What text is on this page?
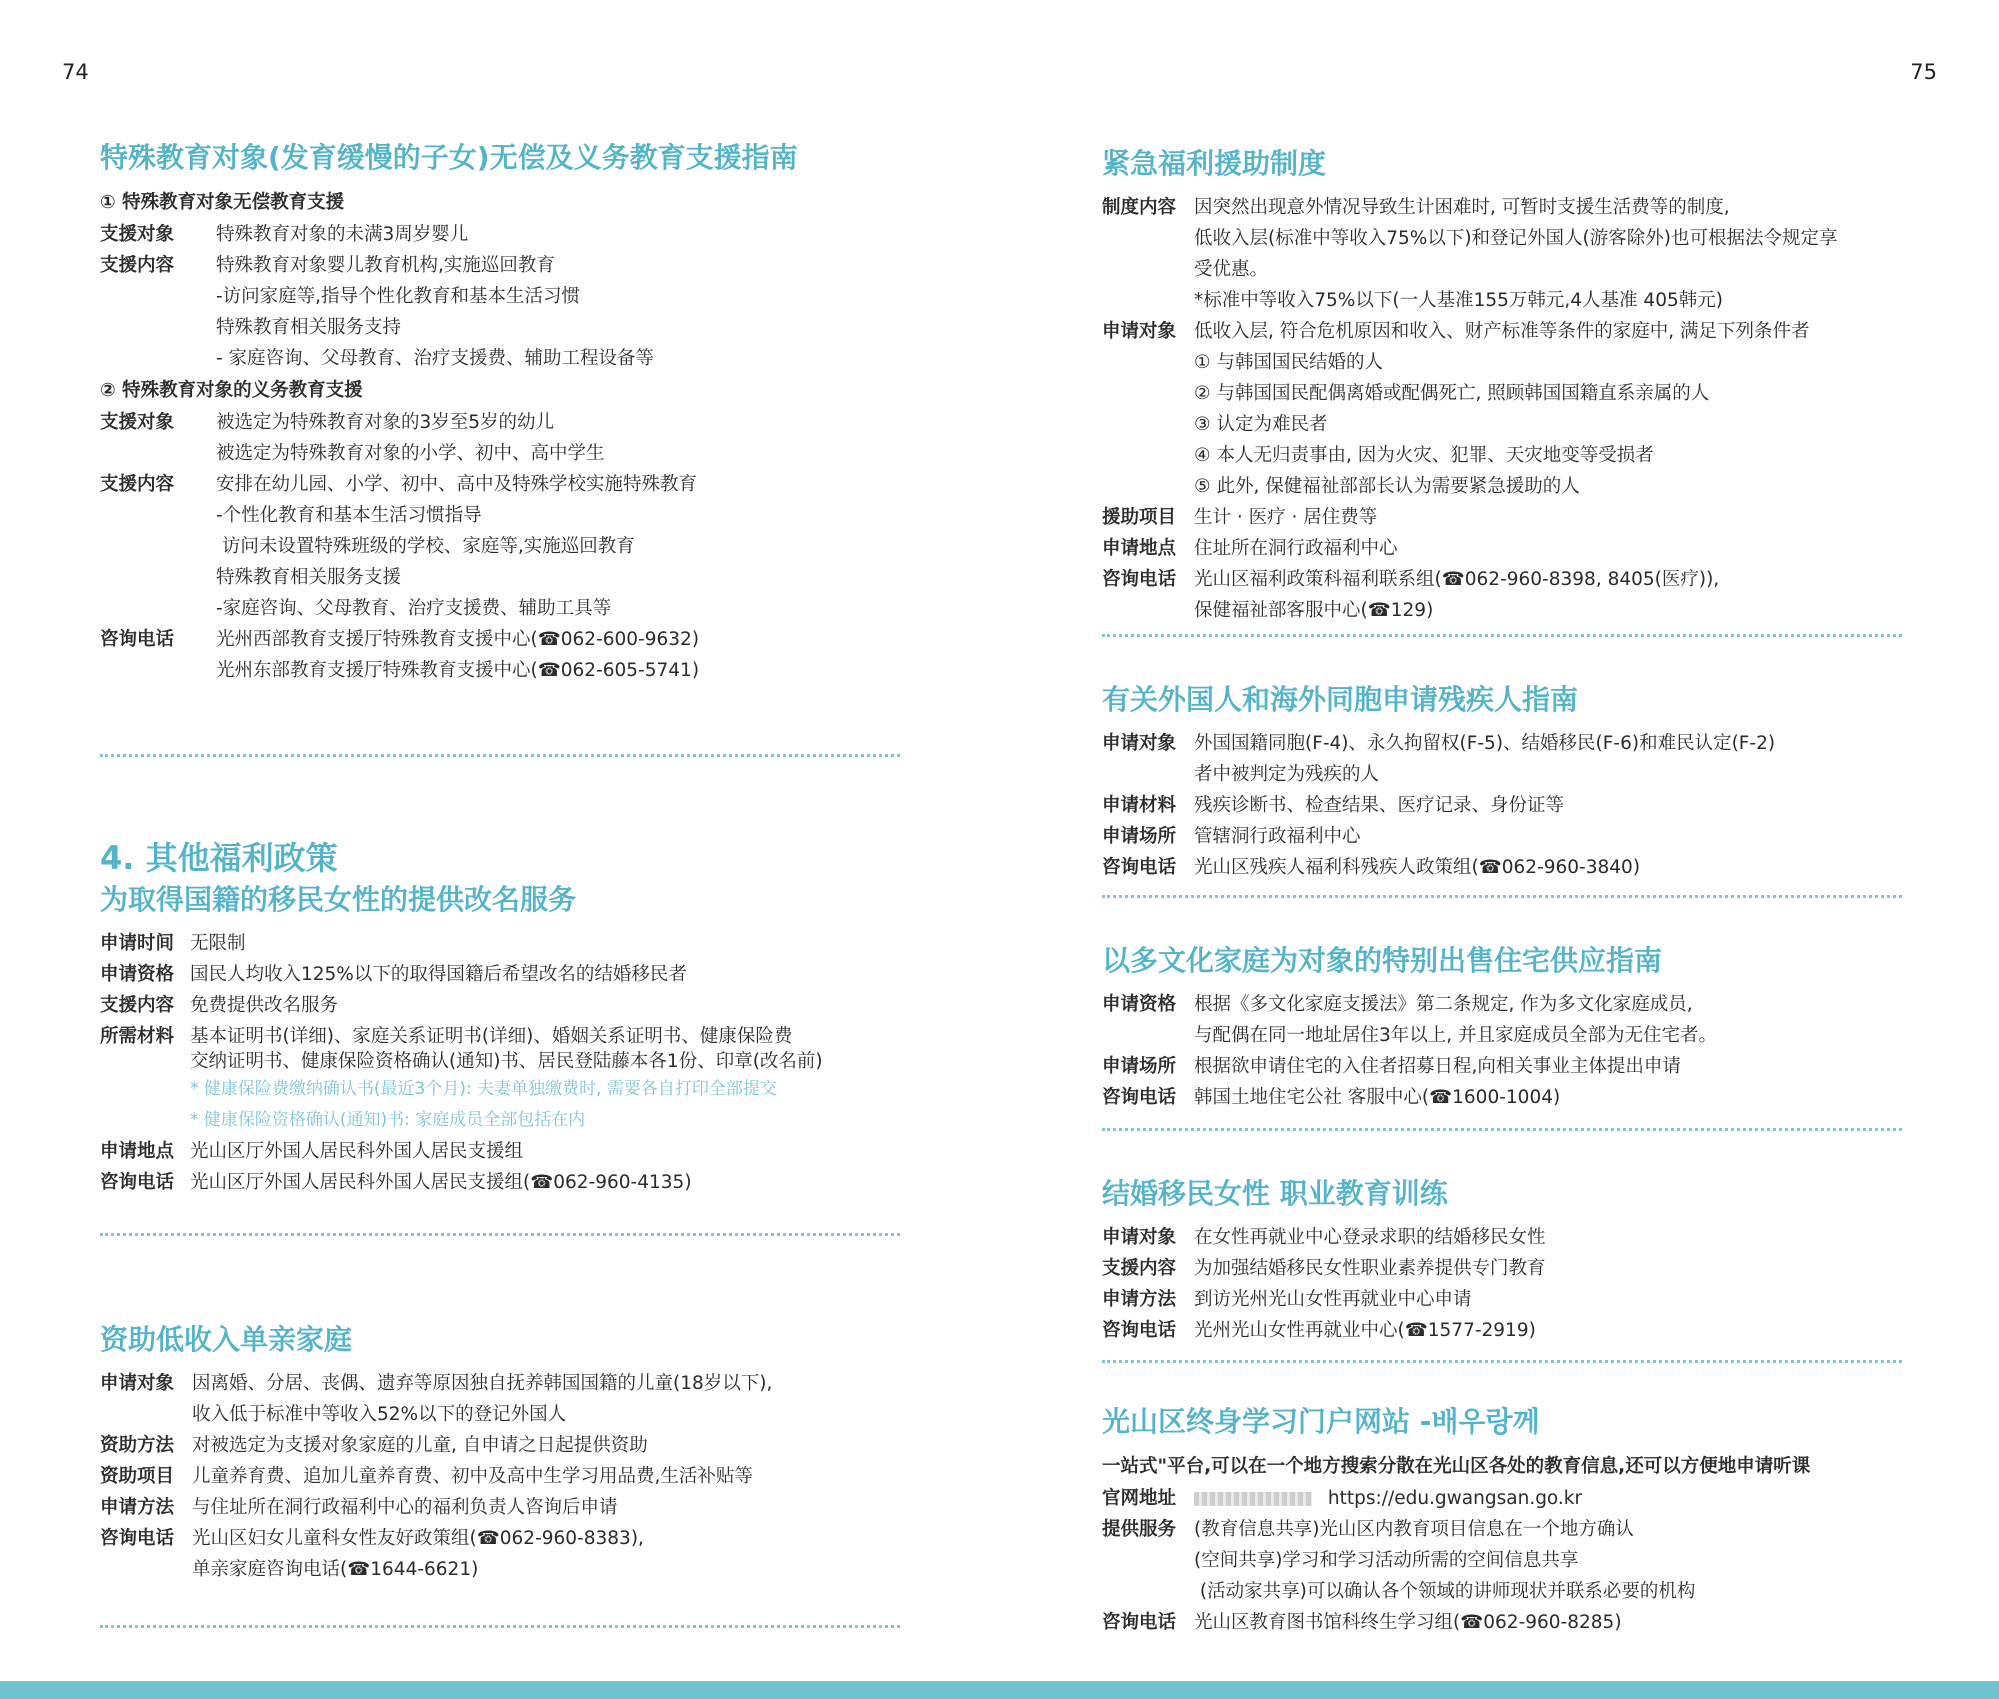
74	75
特殊教育对象(发育缓慢的子女)无偿及义务教育支援指南
① 特殊教育对象无偿教育支援
支援对象	特殊教育对象的未满3周岁婴儿
支援内容	特殊教育对象婴儿教育机构,实施巡回教育
-访问家庭等,指导个性化教育和基本生活习惯
特殊教育相关服务支持
- 家庭咨询、父母教育、治疗支援费、辅助工程设备等
② 特殊教育对象的义务教育支援
支援对象	被选定为特殊教育对象的3岁至5岁的幼儿
被选定为特殊教育对象的小学、初中、高中学生
支援内容	安排在幼儿园、小学、初中、高中及特殊学校实施特殊教育
-个性化教育和基本生活习惯指导
访问未设置特殊班级的学校、家庭等,实施巡回教育
特殊教育相关服务支援
-家庭咨询、父母教育、治疗支援费、辅助工具等
咨询电话	光州西部教育支援厅特殊教育支援中心(☎062-600-9632)
光州东部教育支援厅特殊教育支援中心(☎062-605-5741)
4. 其他福利政策
为取得国籍的移民女性的提供改名服务
申请时间 无限制
申请资格 国民人均收入125%以下的取得国籍后希望改名的结婚移民者
支援内容 免费提供改名服务
所需材料 基本证明书(详细)、家庭关系证明书(详细)、婚姻关系证明书、健康保险费
交纳证明书、健康保险资格确认(通知)书、居民登陆藤本各1份、印章(改名前)
* 健康保险费缴纳确认书(最近3个月): 夫妻单独缴费时, 需要各自打印全部提交
* 健康保险资格确认(通知)书: 家庭成员全部包括在内
申请地点 光山区厅外国人居民科外国人居民支援组
咨询电话 光山区厅外国人居民科外国人居民支援组(☎062-960-4135)
资助低收入单亲家庭
申请对象 因离婚、分居、丧偶、遗弃等原因独自抚养韩国国籍的儿童(18岁以下),
收入低于标准中等收入52%以下的登记外国人
资助方法 对被选定为支援对象家庭的儿童, 自申请之日起提供资助
资助项目 儿童养育费、追加儿童养育费、初中及高中生学习用品费,生活补贴等
申请方法 与住址所在洞行政福利中心的福利负责人咨询后申请
咨询电话 光山区妇女儿童科女性友好政策组(☎062-960-8383),
单亲家庭咨询电话(☎1644-6621)
紧急福利援助制度
制度内容 因突然出现意外情况导致生计困难时, 可暂时支援生活费等的制度,
低收入层(标准中等收入75%以下)和登记外国人(游客除外)也可根据法令规定享
受优惠。
*标准中等收入75%以下(一人基准155万韩元,4人基准 405韩元)
申请对象 低收入层, 符合危机原因和收入、财产标准等条件的家庭中, 满足下列条件者
① 与韩国国民结婚的人
② 与韩国国民配偶离婚或配偶死亡, 照顾韩国国籍直系亲属的人
③ 认定为难民者
④ 本人无归责事由, 因为火灾、犯罪、天灾地变等受损者
⑤ 此外, 保健福祉部部长认为需要紧急援助的人
援助项目 生计 · 医疗 · 居住费等
申请地点 住址所在洞行政福利中心
咨询电话 光山区福利政策科福利联系组(☎062-960-8398, 8405(医疗)),
保健福祉部客服中心(☎129)
有关外国人和海外同胞申请残疾人指南
申请对象 外国国籍同胞(F-4)、永久拘留权(F-5)、结婚移民(F-6)和难民认定(F-2)
者中被判定为残疾的人
申请材料 残疾诊断书、检查结果、医疗记录、身份证等
申请场所 管辖洞行政福利中心
咨询电话 光山区残疾人福利科残疾人政策组(☎062-960-3840)
以多文化家庭为对象的特别出售住宅供应指南
申请资格 根据《多文化家庭支援法》第二条规定, 作为多文化家庭成员,
与配偶在同一地址居住3年以上, 并且家庭成员全部为无住宅者。
申请场所 根据欲申请住宅的入住者招募日程,向相关事业主体提出申请
咨询电话 韩国土地住宅公社 客服中心(☎1600-1004)
结婚移民女性 职业教育训练
申请对象 在女性再就业中心登录求职的结婚移民女性
支援内容 为加强结婚移民女性职业素养提供专门教育
申请方法 到访光州光山女性再就业中心申请
咨询电话 光州光山女性再就业中心(☎1577-2919)
光山区终身学习门户网站 -배우랑께
一站式"平台,可以在一个地方搜索分散在光山区各处的教育信息,还可以方便地申请听课
官网地址	https://edu.gwangsan.go.kr
提供服务 (教育信息共享)光山区内教育项目信息在一个地方确认
(空间共享)学习和学习活动所需的空间信息共享
(活动家共享)可以确认各个领域的讲师现状并联系必要的机构
咨询电话 光山区教育图书馆科终生学习组(☎062-960-8285)
